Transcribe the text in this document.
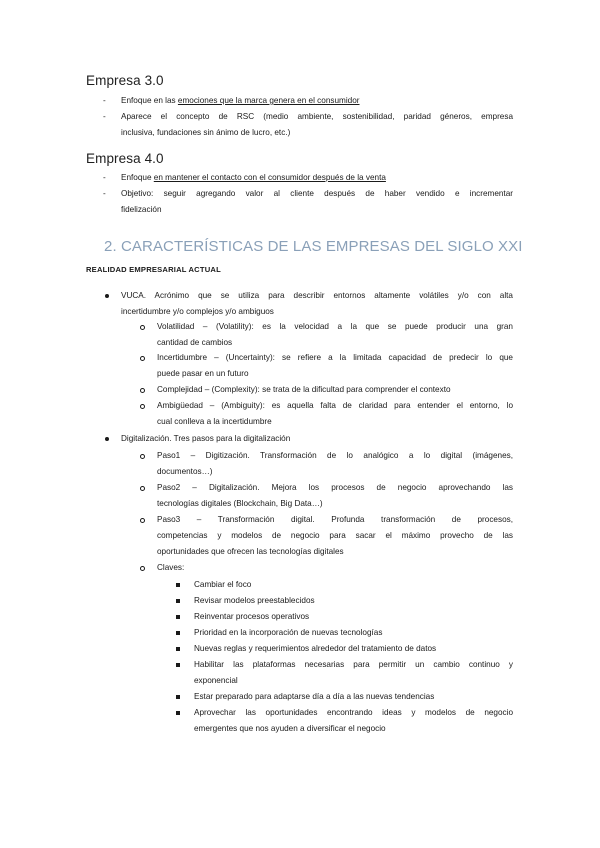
Empresa 3.0
- Enfoque en las emociones que la marca genera en el consumidor
- Aparece el concepto de RSC (medio ambiente, sostenibilidad, paridad géneros, empresa
inclusiva, fundaciones sin ánimo de lucro, etc.)
Empresa 4.0
- Enfoque en mantener el contacto con el consumidor después de la venta
- Objetivo: seguir agregando valor al cliente después de haber vendido e incrementar
fidelización
2. CARACTERÍSTICAS DE LAS EMPRESAS DEL SIGLO XXI
REALIDAD EMPRESARIAL ACTUAL
VUCA. Acrónimo que se utiliza para describir entornos altamente volátiles y/o con alta
incertidumbre y/o complejos y/o ambiguos
Volatilidad – (Volatility): es la velocidad a la que se puede producir una gran
cantidad de cambios
Incertidumbre – (Uncertainty): se refiere a la limitada capacidad de predecir lo que
puede pasar en un futuro
Complejidad – (Complexity): se trata de la dificultad para comprender el contexto
Ambigüedad – (Ambiguity): es aquella falta de claridad para entender el entorno, lo
cual conlleva a la incertidumbre
Digitalización. Tres pasos para la digitalización
Paso1 – Digitización. Transformación de lo analógico a lo digital (imágenes,
documentos…)
Paso2 – Digitalización. Mejora los procesos de negocio aprovechando las
tecnologías digitales (Blockchain, Big Data…)
Paso3 – Transformación digital. Profunda transformación de procesos,
competencias y modelos de negocio para sacar el máximo provecho de las
oportunidades que ofrecen las tecnologías digitales
Claves:
Cambiar el foco
Revisar modelos preestablecidos
Reinventar procesos operativos
Prioridad en la incorporación de nuevas tecnologías
Nuevas reglas y requerimientos alrededor del tratamiento de datos
Habilitar las plataformas necesarias para permitir un cambio continuo y
exponencial
Estar preparado para adaptarse día a día a las nuevas tendencias
Aprovechar las oportunidades encontrando ideas y modelos de negocio
emergentes que nos ayuden a diversificar el negocio
